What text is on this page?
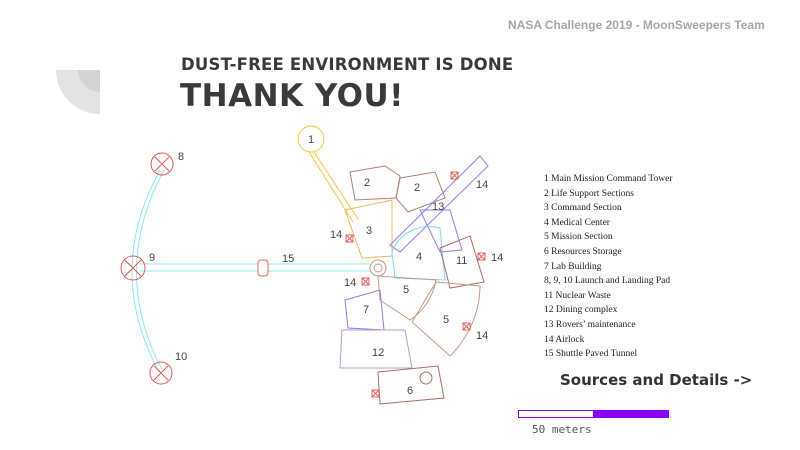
NASA Challenge 2019 - MoonSweepers Team
DUST-FREE ENVIRONMENT IS DONE
THANK YOU!
1
2	2
3
4
5
5
6
7
8
9
10
11
12
13
14
14
14
14
14
15
1 Main Mission Command Tower
2 Life Support Sections
3 Command Section
4 Medical Center
5 Mission Section
6 Resources Storage
7 Lab Building
8, 9, 10 Launch and Landing Pad
11 Nuclear Waste
12 Dining complex
13 Rovers’ maintenance
14 Airlock
15 Shuttle Paved Tunnel
Sources and Details ->
50 meters
